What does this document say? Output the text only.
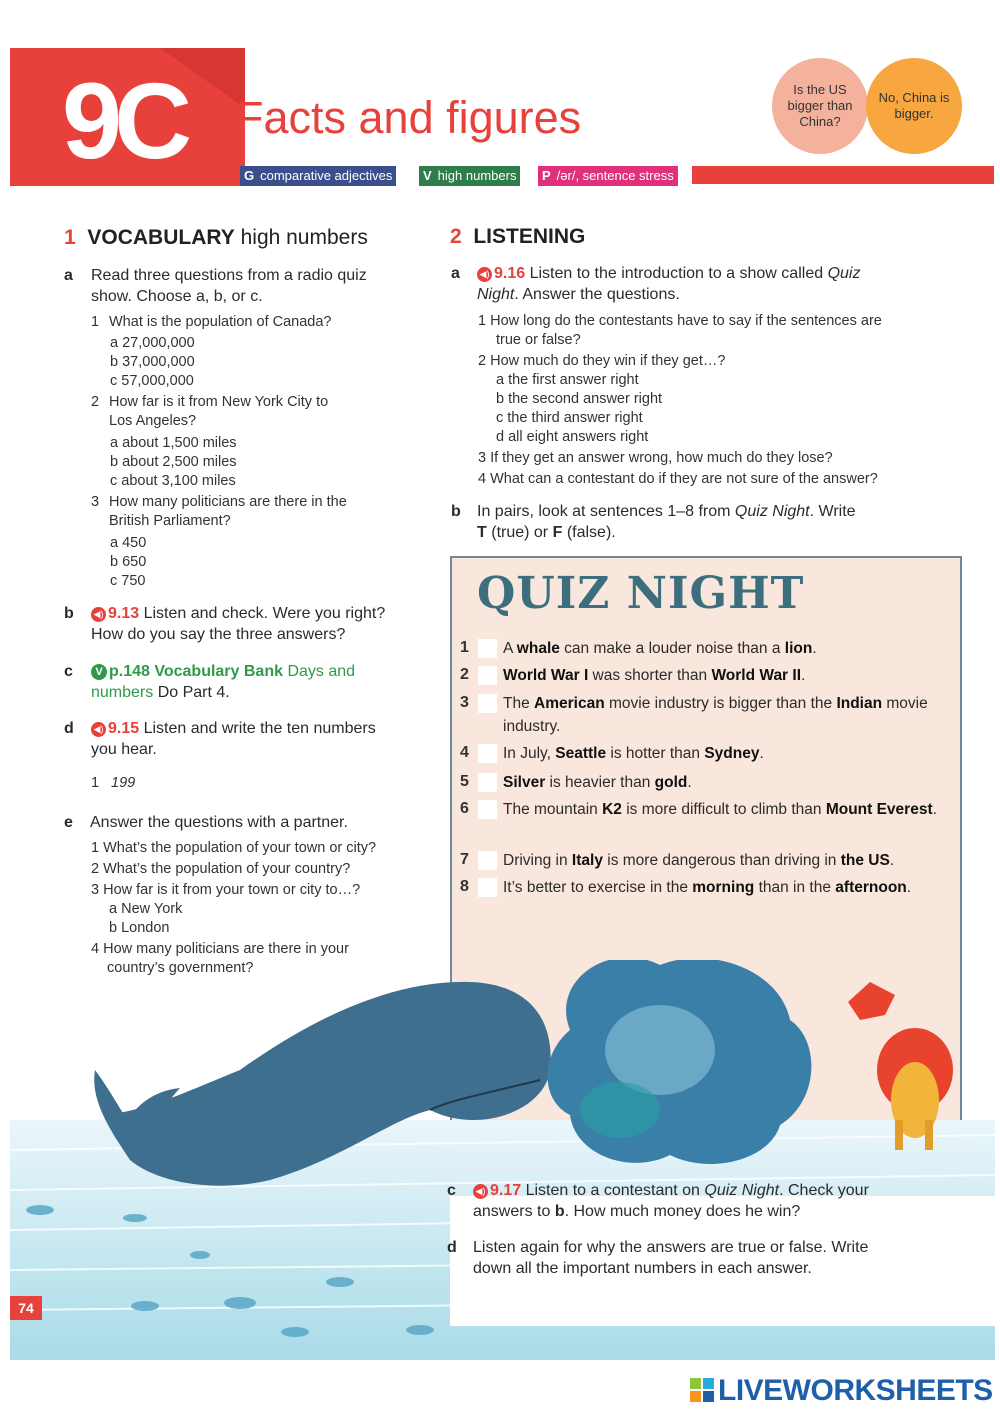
9C Facts and figures
G comparative adjectives	V high numbers	P /ər/, sentence stress
Is the US bigger than China?
No, China is bigger.
1 VOCABULARY high numbers
a Read three questions from a radio quiz
show. Choose a, b, or c.
1 What is the population of Canada?
a 27,000,000
b 37,000,000
c 57,000,000
2 How far is it from New York City to
Los Angeles?
a about 1,500 miles
b about 2,500 miles
c about 3,100 miles
3 How many politicians are there in the
British Parliament?
a 450
b 650
c 750
b ◀) 9.13 Listen and check. Were you right?
How do you say the three answers?
c	V p.148 Vocabulary Bank Days and
numbers Do Part 4.
d ◀) 9.15 Listen and write the ten numbers
you hear.
1 199
e Answer the questions with a partner.
1 What’s the population of your town or city?
2 What’s the population of your country?
3 How far is it from your town or city to…?
a New York
b London
4 How many politicians are there in your
country’s government?
2 LISTENING
a ◀) 9.16 Listen to the introduction to a show called Quiz
Night. Answer the questions.
1 How long do the contestants have to say if the sentences are
true or false?
2 How much do they win if they get…?
a the first answer right
b the second answer right
c the third answer right
d all eight answers right
3 If they get an answer wrong, how much do they lose?
4 What can a contestant do if they are not sure of the answer?
b In pairs, look at sentences 1–8 from Quiz Night. Write
T (true) or F (false).
QUIZ NIGHT
1 A whale can make a louder noise than a lion.
2 World War I was shorter than World War II.
3 The American movie industry is bigger than the Indian movie industry.
4 In July, Seattle is hotter than Sydney.
5 Silver is heavier than gold.
6 The mountain K2 is more difficult to climb than Mount Everest.
7 Driving in Italy is more dangerous than driving in the US.
8 It’s better to exercise in the morning than in the afternoon.
c ◀) 9.17 Listen to a contestant on Quiz Night. Check your
answers to b. How much money does he win?
d Listen again for why the answers are true or false. Write
down all the important numbers in each answer.
74
LIVEWORKSHEETS
